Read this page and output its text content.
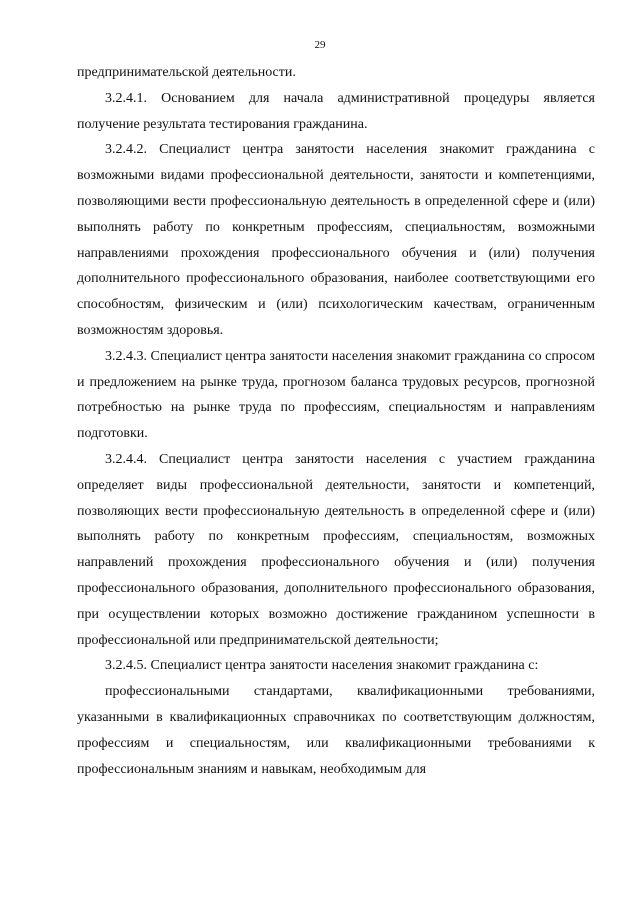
29

предпринимательской деятельности.

3.2.4.1. Основанием для начала административной процедуры является получение результата тестирования гражданина.

3.2.4.2. Специалист центра занятости населения знакомит гражданина с возможными видами профессиональной деятельности, занятости и компетенциями, позволяющими вести профессиональную деятельность в определенной сфере и (или) выполнять работу по конкретным профессиям, специальностям, возможными направлениями прохождения профессионального обучения и (или) получения дополнительного профессионального образования, наиболее соответствующими его способностям, физическим и (или) психологическим качествам, ограниченным возможностям здоровья.

3.2.4.3. Специалист центра занятости населения знакомит гражданина со спросом и предложением на рынке труда, прогнозом баланса трудовых ресурсов, прогнозной потребностью на рынке труда по профессиям, специальностям и направлениям подготовки.

3.2.4.4. Специалист центра занятости населения с участием гражданина определяет виды профессиональной деятельности, занятости и компетенций, позволяющих вести профессиональную деятельность в определенной сфере и (или) выполнять работу по конкретным профессиям, специальностям, возможных направлений прохождения профессионального обучения и (или) получения профессионального образования, дополнительного профессионального образования, при осуществлении которых возможно достижение гражданином успешности в профессиональной или предпринимательской деятельности;

3.2.4.5. Специалист центра занятости населения знакомит гражданина с:

профессиональными стандартами, квалификационными требованиями, указанными в квалификационных справочниках по соответствующим должностям, профессиям и специальностям, или квалификационными требованиями к профессиональным знаниям и навыкам, необходимым для
